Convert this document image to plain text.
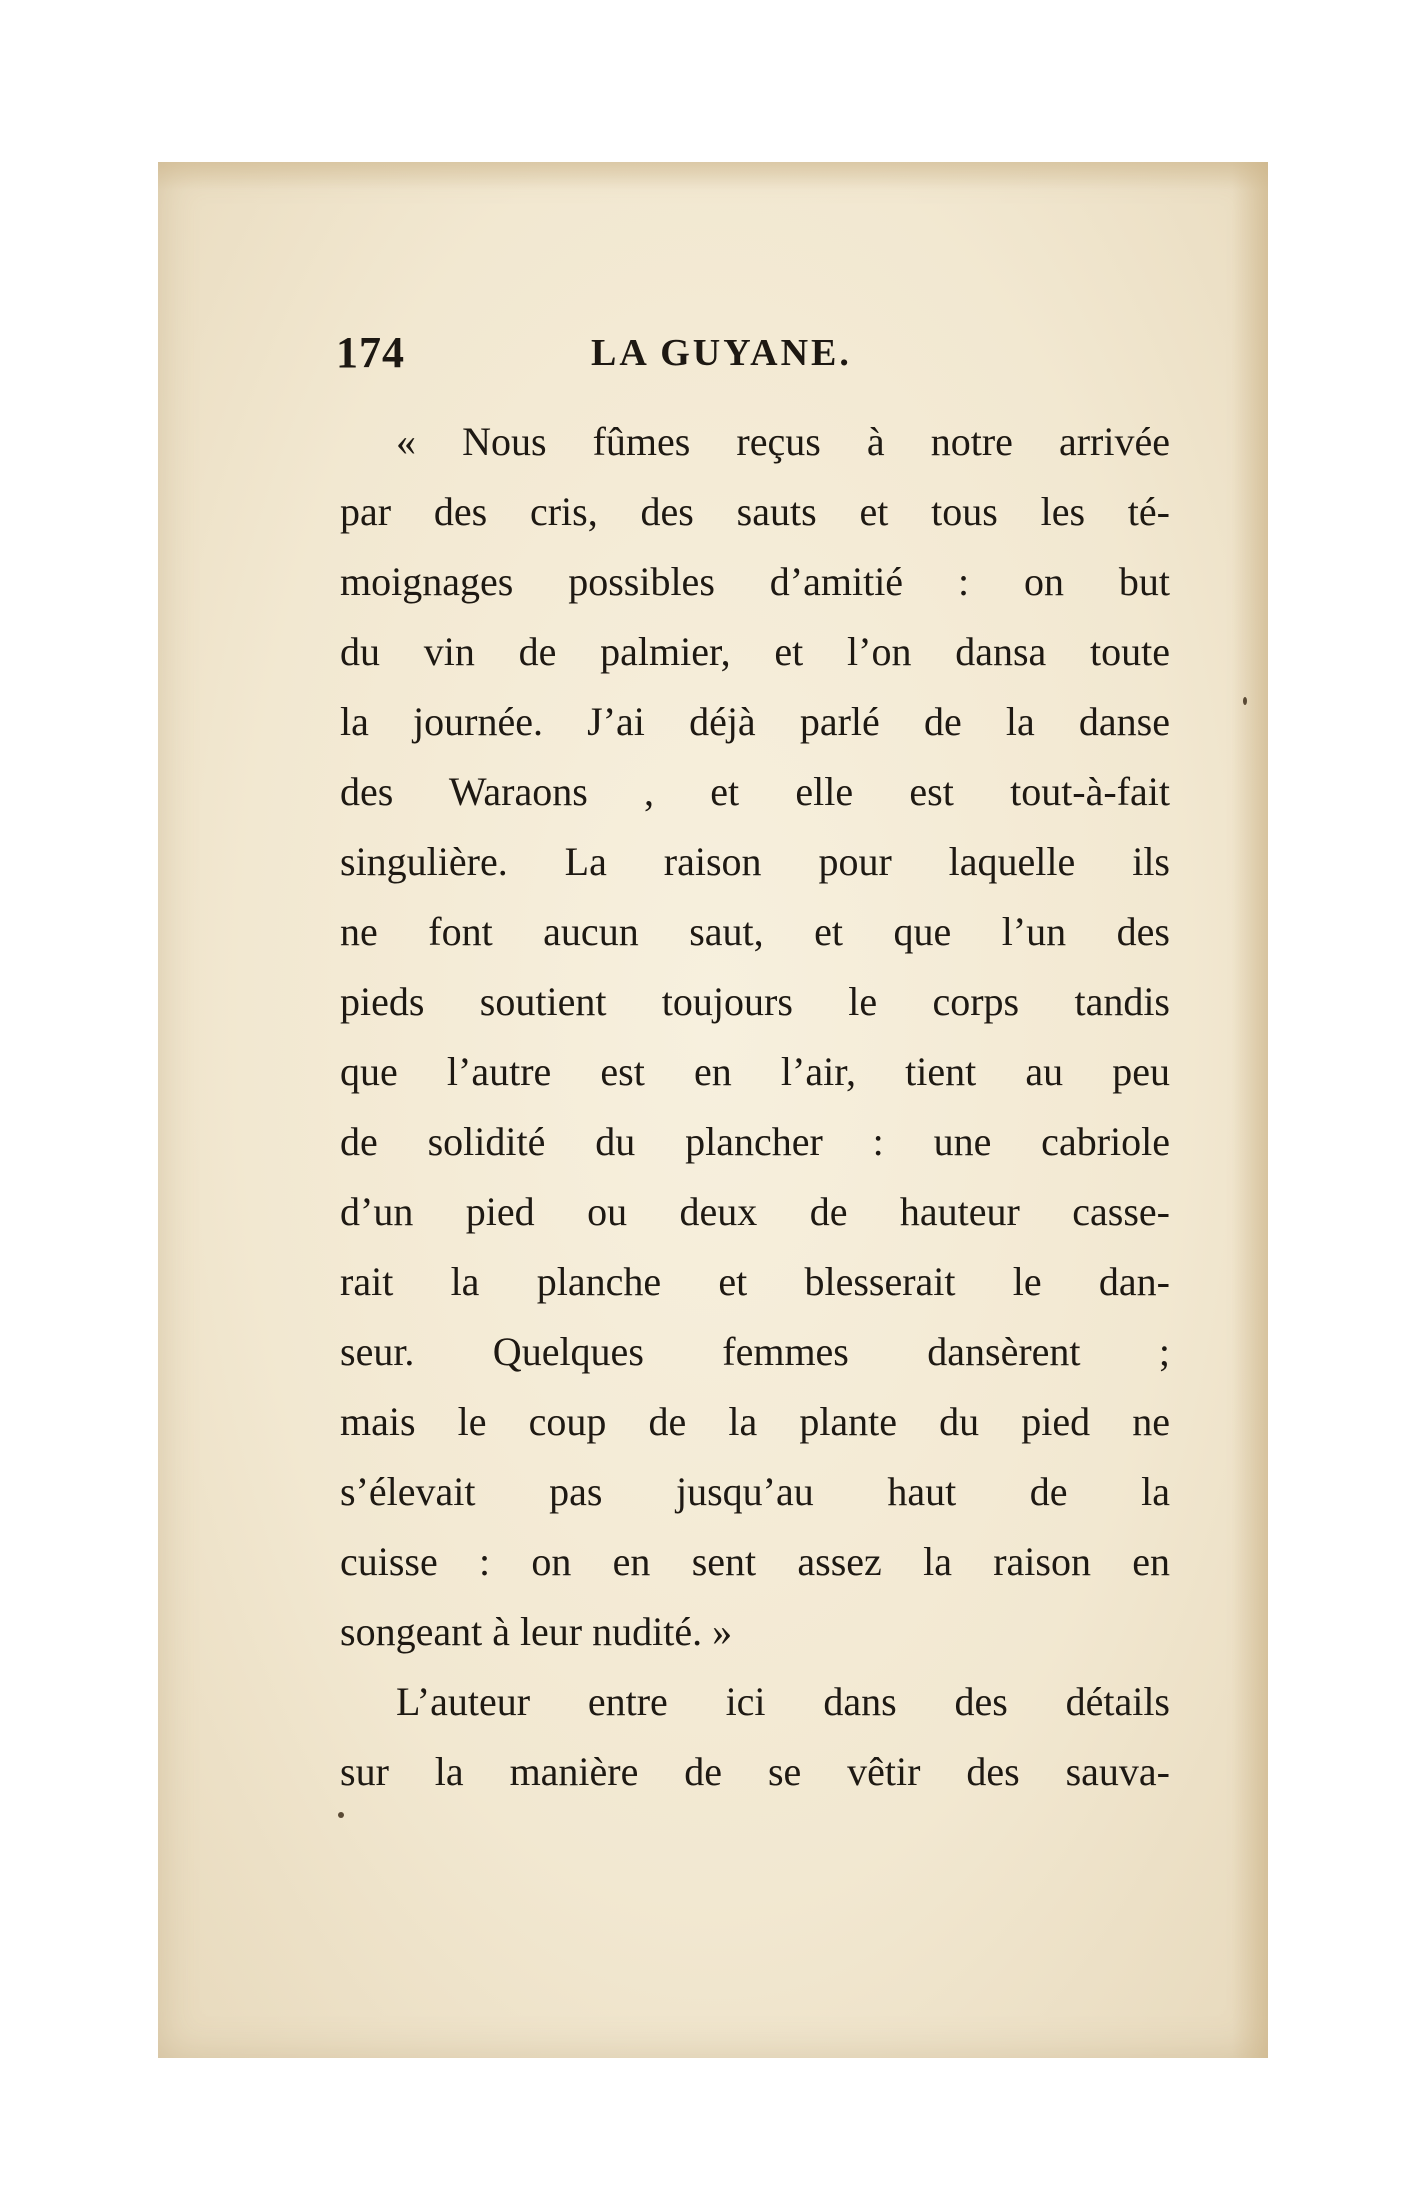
174	LA GUYANE.
« Nous fûmes reçus à notre arrivée
par des cris, des sauts et tous les té-
moignages possibles d’amitié : on but
du vin de palmier, et l’on dansa toute
la journée. J’ai déjà parlé de la danse
des Waraons , et elle est tout-à-fait
singulière. La raison pour laquelle ils
ne font aucun saut, et que l’un des
pieds soutient toujours le corps tandis
que l’autre est en l’air, tient au peu
de solidité du plancher : une cabriole
d’un pied ou deux de hauteur casse-
rait la planche et blesserait le dan-
seur. Quelques femmes dansèrent ;
mais le coup de la plante du pied ne
s’élevait pas jusqu’au haut de la
cuisse : on en sent assez la raison en
songeant à leur nudité. »
L’auteur entre ici dans des détails
sur la manière de se vêtir des sauva-
